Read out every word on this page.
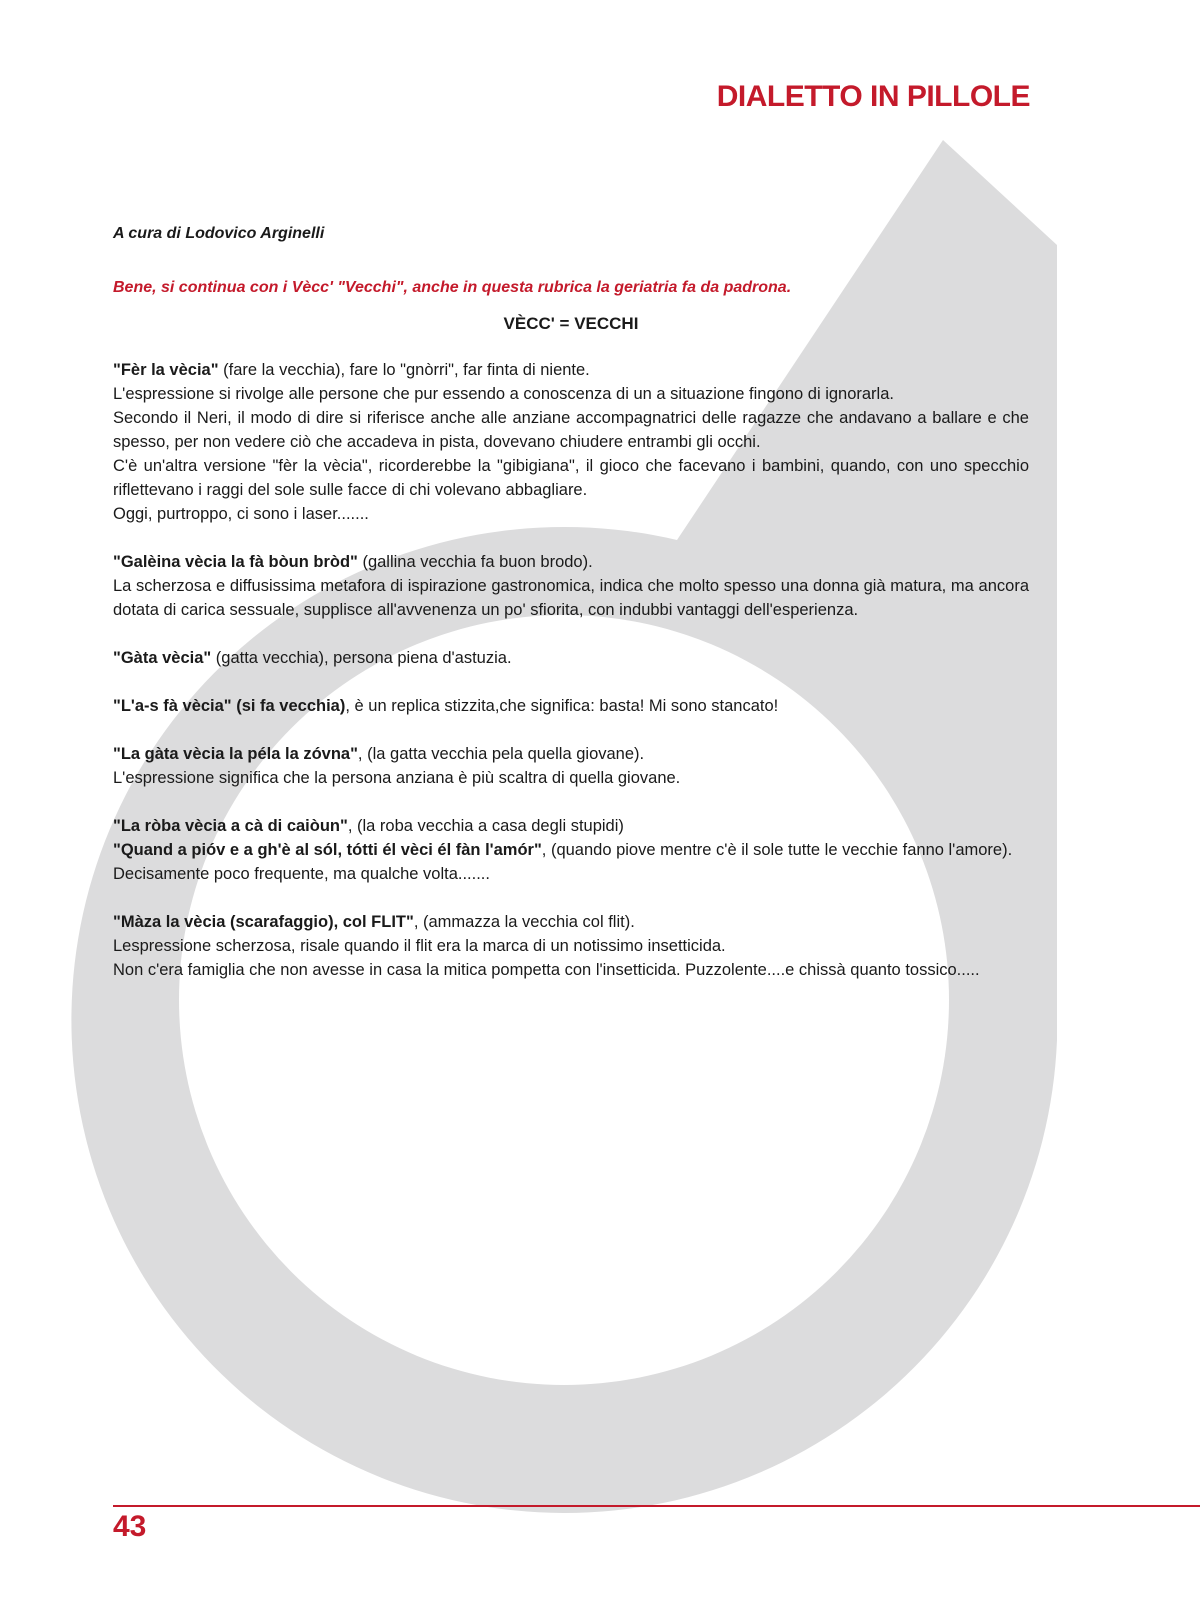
DIALETTO IN PILLOLE

A cura di Lodovico Arginelli

Bene, si continua con i Vècc' "Vecchi", anche in questa rubrica la geriatria fa da padrona.

VÈCC' = VECCHI

"Fèr la vècia" (fare la vecchia), fare lo "gnòrri", far finta di niente.

L'espressione si rivolge alle persone che pur essendo a conoscenza di un a situazione fingono di ignorarla.

Secondo il Neri, il modo di dire si riferisce anche alle anziane accompagnatrici delle ragazze che andavano a ballare e che spesso, per non vedere ciò che accadeva in pista, dovevano chiudere entrambi gli occhi.

C'è un'altra versione "fèr la vècia", ricorderebbe la "gibigiana", il gioco che facevano i bambini, quando, con uno specchio riflettevano i raggi del sole sulle facce di chi volevano abbagliare.

Oggi, purtroppo, ci sono i laser.......

"Galèina vècia la fà bòun bròd" (gallina vecchia fa buon brodo).

La scherzosa e diffusissima metafora di ispirazione gastronomica, indica che molto spesso una donna già matura, ma ancora dotata di carica sessuale, supplisce all'avvenenza un po' sfiorita, con indubbi vantaggi dell'esperienza.

"Gàta vècia" (gatta vecchia), persona piena d'astuzia.

"L'a-s fà vècia" (si fa vecchia), è un replica stizzita,che significa: basta! Mi sono stancato!

"La gàta vècia la péla la zóvna", (la gatta vecchia pela quella giovane).

L'espressione significa che la persona anziana è più scaltra di quella giovane.

"La ròba vècia a cà di caiòun", (la roba vecchia a casa degli stupidi)

"Quand a pióv e a gh'è al sól, tótti él vèci él fàn l'amór", (quando piove mentre c'è il sole tutte le vecchie fanno l'amore).

Decisamente poco frequente, ma qualche volta.......

"Màza la vècia (scarafaggio), col FLIT", (ammazza la vecchia col flit).

Lespressione scherzosa, risale quando il flit era la marca di un notissimo insetticida.

Non c'era famiglia che non avesse in casa la mitica pompetta con l'insetticida. Puzzolente....e chissà quanto tossico.....

43
